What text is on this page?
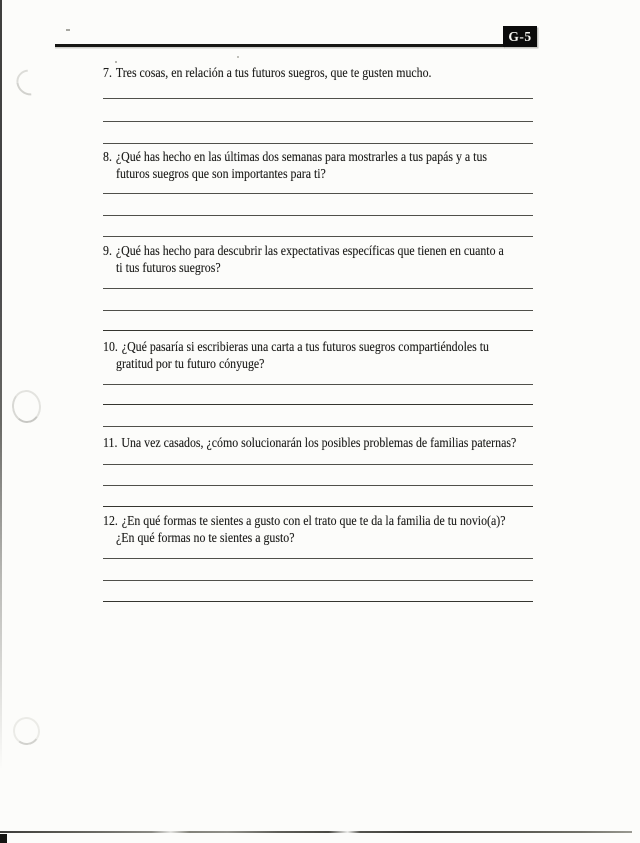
G-5
7. Tres cosas, en relación a tus futuros suegros, que te gusten mucho.
8. ¿Qué has hecho en las últimas dos semanas para mostrarles a tus papás y a tus
futuros suegros que son importantes para ti?
9. ¿Qué has hecho para descubrir las expectativas específicas que tienen en cuanto a
ti tus futuros suegros?
10. ¿Qué pasaría si escribieras una carta a tus futuros suegros compartiéndoles tu
gratitud por tu futuro cónyuge?
11. Una vez casados, ¿cómo solucionarán los posibles problemas de familias paternas?
12. ¿En qué formas te sientes a gusto con el trato que te da la familia de tu novio(a)?
¿En qué formas no te sientes a gusto?
